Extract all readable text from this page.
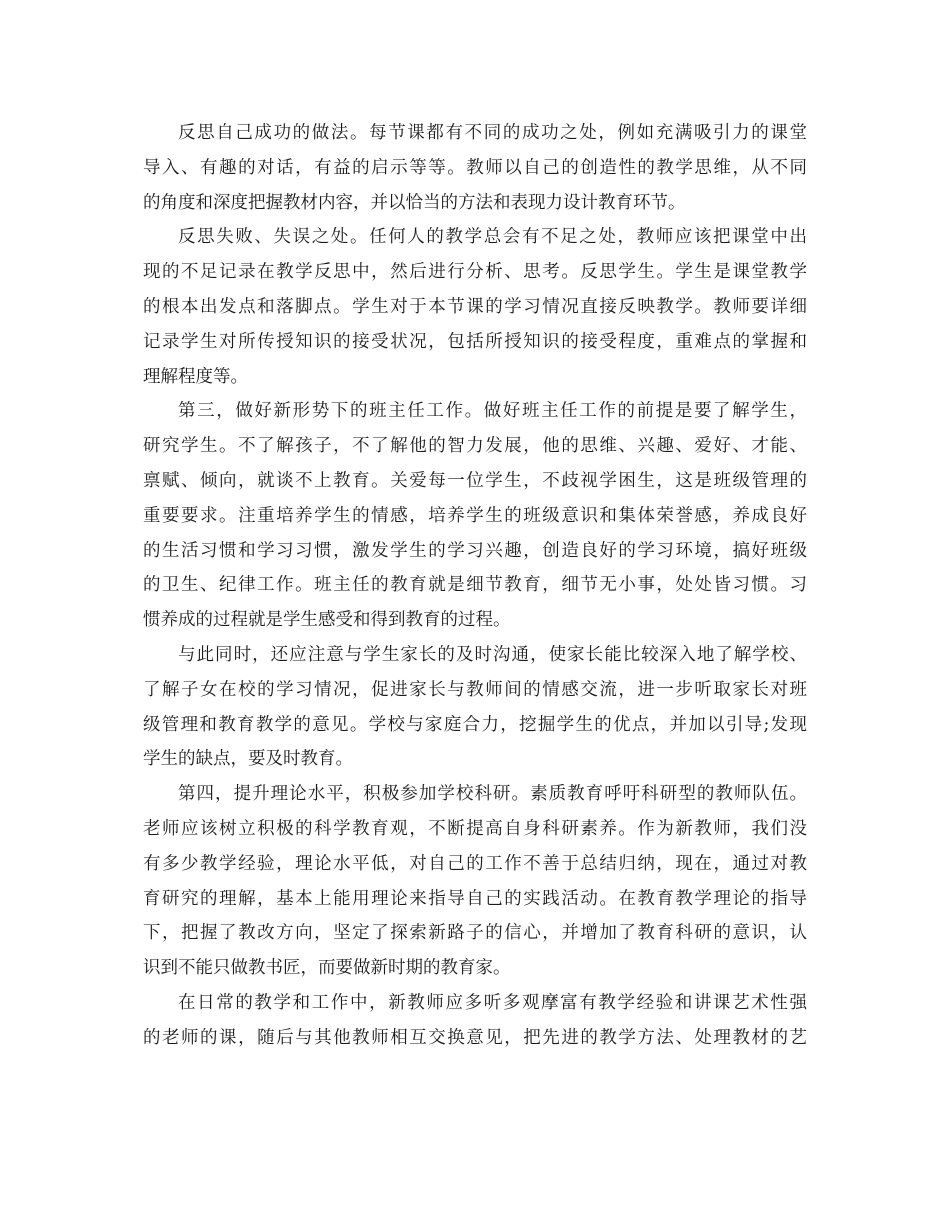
反思自己成功的做法。每节课都有不同的成功之处，例如充满吸引力的课堂
导入、有趣的对话，有益的启示等等。教师以自己的创造性的教学思维，从不同
的角度和深度把握教材内容，并以恰当的方法和表现力设计教育环节。
反思失败、失误之处。任何人的教学总会有不足之处，教师应该把课堂中出
现的不足记录在教学反思中，然后进行分析、思考。反思学生。学生是课堂教学
的根本出发点和落脚点。学生对于本节课的学习情况直接反映教学。教师要详细
记录学生对所传授知识的接受状况，包括所授知识的接受程度，重难点的掌握和
理解程度等。
第三，做好新形势下的班主任工作。做好班主任工作的前提是要了解学生，
研究学生。不了解孩子，不了解他的智力发展，他的思维、兴趣、爱好、才能、
禀赋、倾向，就谈不上教育。关爱每一位学生，不歧视学困生，这是班级管理的
重要要求。注重培养学生的情感，培养学生的班级意识和集体荣誉感，养成良好
的生活习惯和学习习惯，激发学生的学习兴趣，创造良好的学习环境，搞好班级
的卫生、纪律工作。班主任的教育就是细节教育，细节无小事，处处皆习惯。习
惯养成的过程就是学生感受和得到教育的过程。
与此同时，还应注意与学生家长的及时沟通，使家长能比较深入地了解学校、
了解子女在校的学习情况，促进家长与教师间的情感交流，进一步听取家长对班
级管理和教育教学的意见。学校与家庭合力，挖掘学生的优点，并加以引导;发现
学生的缺点，要及时教育。
第四，提升理论水平，积极参加学校科研。素质教育呼吁科研型的教师队伍。
老师应该树立积极的科学教育观，不断提高自身科研素养。作为新教师，我们没
有多少教学经验，理论水平低，对自己的工作不善于总结归纳，现在，通过对教
育研究的理解，基本上能用理论来指导自己的实践活动。在教育教学理论的指导
下，把握了教改方向，坚定了探索新路子的信心，并增加了教育科研的意识，认
识到不能只做教书匠，而要做新时期的教育家。
在日常的教学和工作中，新教师应多听多观摩富有教学经验和讲课艺术性强
的老师的课，随后与其他教师相互交换意见，把先进的教学方法、处理教材的艺
